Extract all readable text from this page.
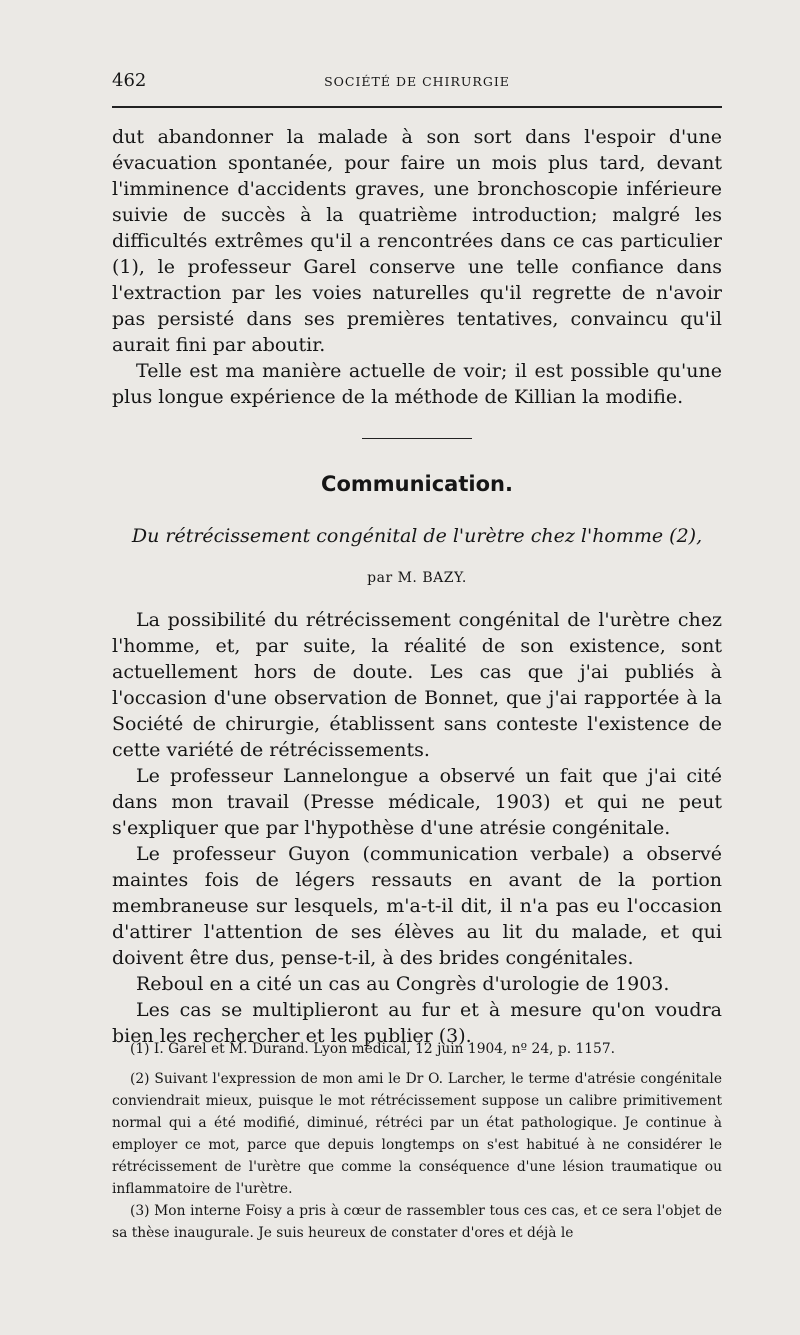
462	SOCIÉTÉ DE CHIRURGIE

dut abandonner la malade à son sort dans l'espoir d'une évacuation spontanée, pour faire un mois plus tard, devant l'imminence d'accidents graves, une bronchoscopie inférieure suivie de succès à la quatrième introduction; malgré les difficultés extrêmes qu'il a rencontrées dans ce cas particulier (1), le professeur Garel conserve une telle confiance dans l'extraction par les voies naturelles qu'il regrette de n'avoir pas persisté dans ses premières tentatives, convaincu qu'il aurait fini par aboutir.

Telle est ma manière actuelle de voir; il est possible qu'une plus longue expérience de la méthode de Killian la modifie.

Communication.
Du rétrécissement congénital de l'urètre chez l'homme (2),
par M. BAZY.

La possibilité du rétrécissement congénital de l'urètre chez l'homme, et, par suite, la réalité de son existence, sont actuellement hors de doute. Les cas que j'ai publiés à l'occasion d'une observation de Bonnet, que j'ai rapportée à la Société de chirurgie, établissent sans conteste l'existence de cette variété de rétrécissements.

Le professeur Lannelongue a observé un fait que j'ai cité dans mon travail (Presse médicale, 1903) et qui ne peut s'expliquer que par l'hypothèse d'une atrésie congénitale.

Le professeur Guyon (communication verbale) a observé maintes fois de légers ressauts en avant de la portion membraneuse sur lesquels, m'a-t-il dit, il n'a pas eu l'occasion d'attirer l'attention de ses élèves au lit du malade, et qui doivent être dus, pense-t-il, à des brides congénitales.

Reboul en a cité un cas au Congrès d'urologie de 1903.

Les cas se multiplieront au fur et à mesure qu'on voudra bien les rechercher et les publier (3).

(1) I. Garel et M. Durand. Lyon médical, 12 juin 1904, nº 24, p. 1157.

(2) Suivant l'expression de mon ami le Dr O. Larcher, le terme d'atrésie congénitale conviendrait mieux, puisque le mot rétrécissement suppose un calibre primitivement normal qui a été modifié, diminué, rétréci par un état pathologique. Je continue à employer ce mot, parce que depuis longtemps on s'est habitué à ne considérer le rétrécissement de l'urètre que comme la conséquence d'une lésion traumatique ou inflammatoire de l'urètre.

(3) Mon interne Foisy a pris à cœur de rassembler tous ces cas, et ce sera l'objet de sa thèse inaugurale. Je suis heureux de constater d'ores et déjà le
